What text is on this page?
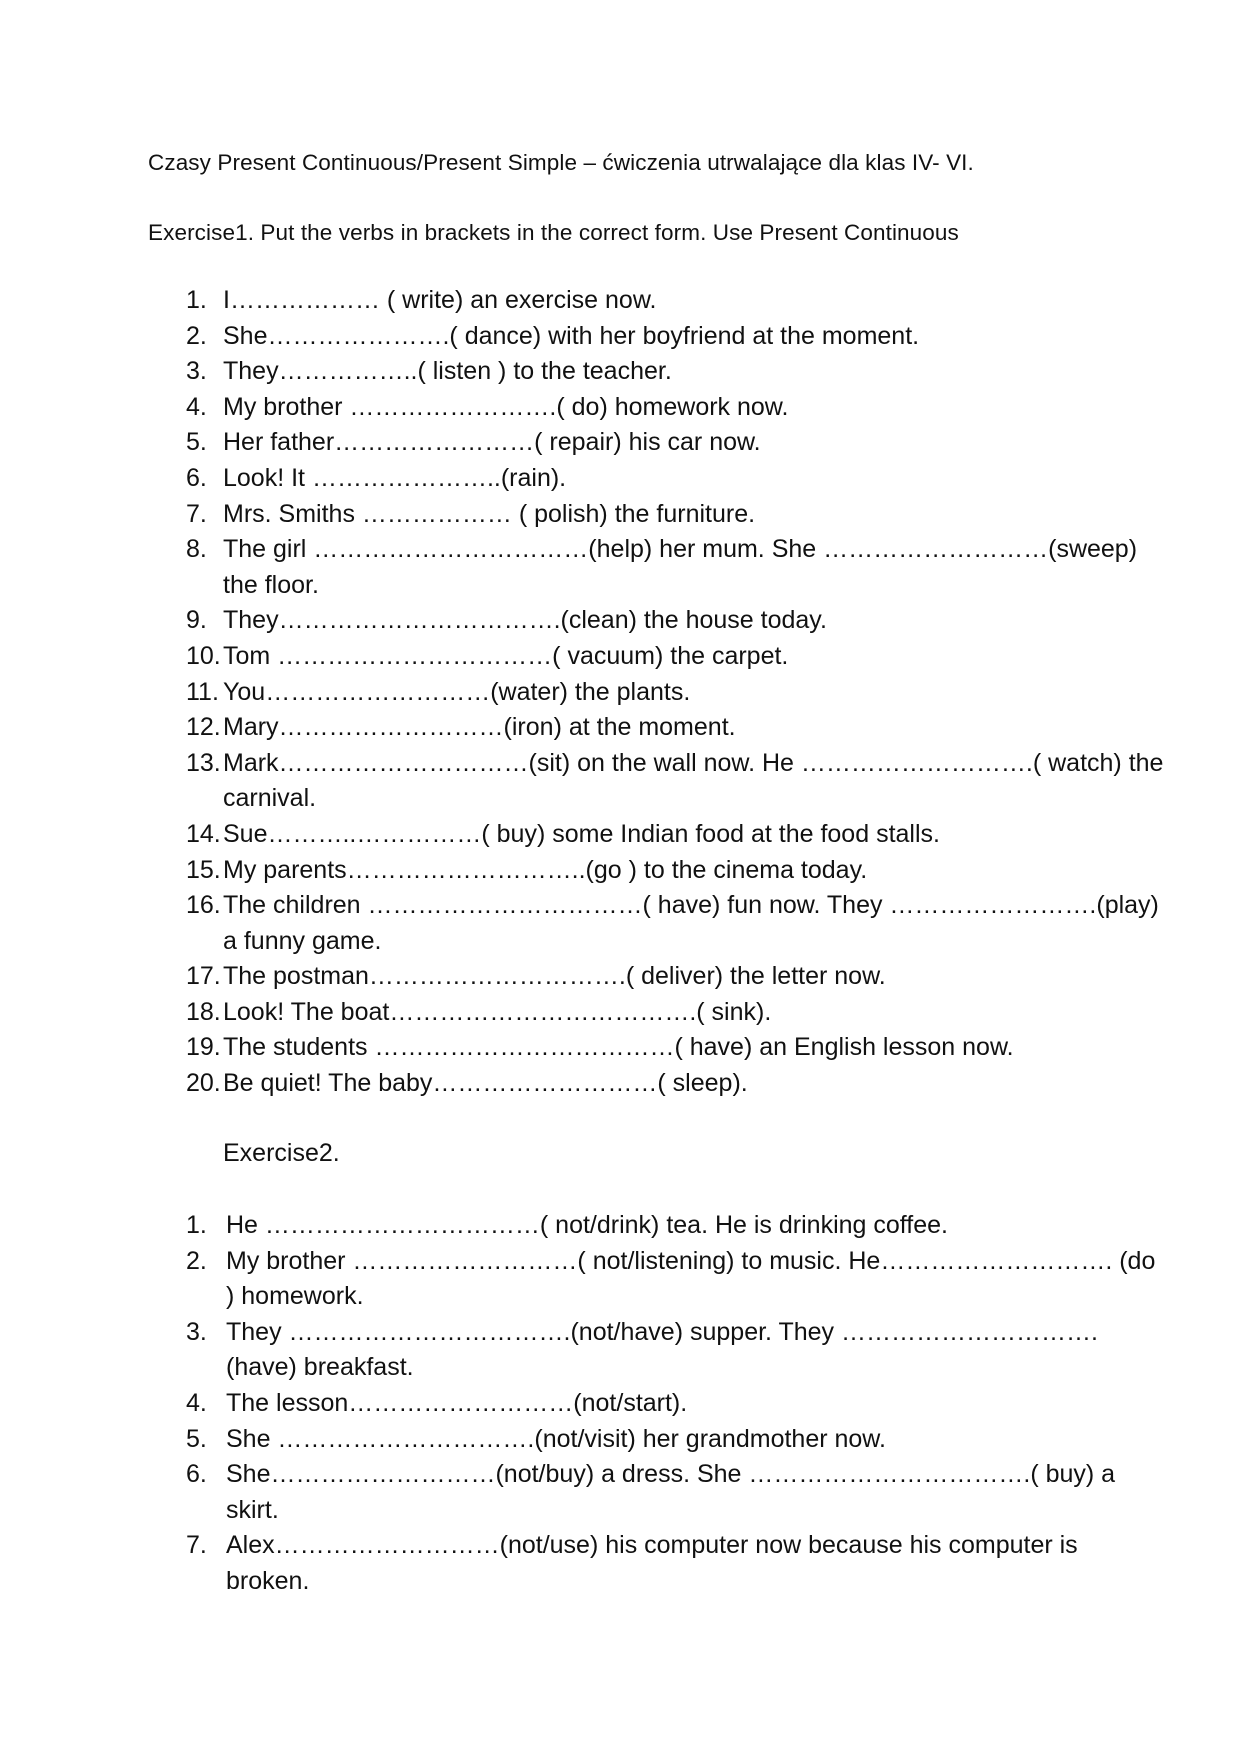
Czasy Present Continuous/Present Simple – ćwiczenia utrwalające dla klas IV- VI.
Exercise1. Put the verbs in brackets in the correct form. Use Present Continuous
1. I……………… ( write) an exercise now.
2. She………………….( dance) with her boyfriend at the moment.
3. They……………..( listen ) to the teacher.
4. My brother …………………….( do) homework now.
5. Her father……………………( repair) his car now.
6. Look! It …………………..(rain).
7. Mrs. Smiths ……………… ( polish) the furniture.
8. The girl ……………………………(help) her mum. She ………………………(sweep) the floor.
9. They…………………………….(clean) the house today.
10. Tom ……………………………( vacuum) the carpet.
11. You………………………(water) the plants.
12. Mary………………………(iron) at the moment.
13. Mark…………………………(sit) on the wall now. He ……………………….( watch) the carnival.
14. Sue………..……………( buy) some Indian food at the food stalls.
15. My parents………………………..(go ) to the cinema today.
16. The children ……………………………( have) fun now. They …………………….(play) a funny game.
17. The postman………………………….( deliver) the letter now.
18. Look! The boat……………………………….( sink).
19. The students ………………………………( have) an English lesson now.
20. Be quiet! The baby………………………( sleep).
Exercise2.
1. He ……………………………( not/drink) tea. He is drinking coffee.
2. My brother ………………………( not/listening) to music. He………………………. (do ) homework.
3. They …………………………….(not/have) supper. They ………………………….(have) breakfast.
4. The lesson………………………(not/start).
5. She ………………………….(not/visit) her grandmother now.
6. She………………………(not/buy) a dress. She …………………………….( buy) a skirt.
7. Alex………………………(not/use) his computer now because his computer is broken.
